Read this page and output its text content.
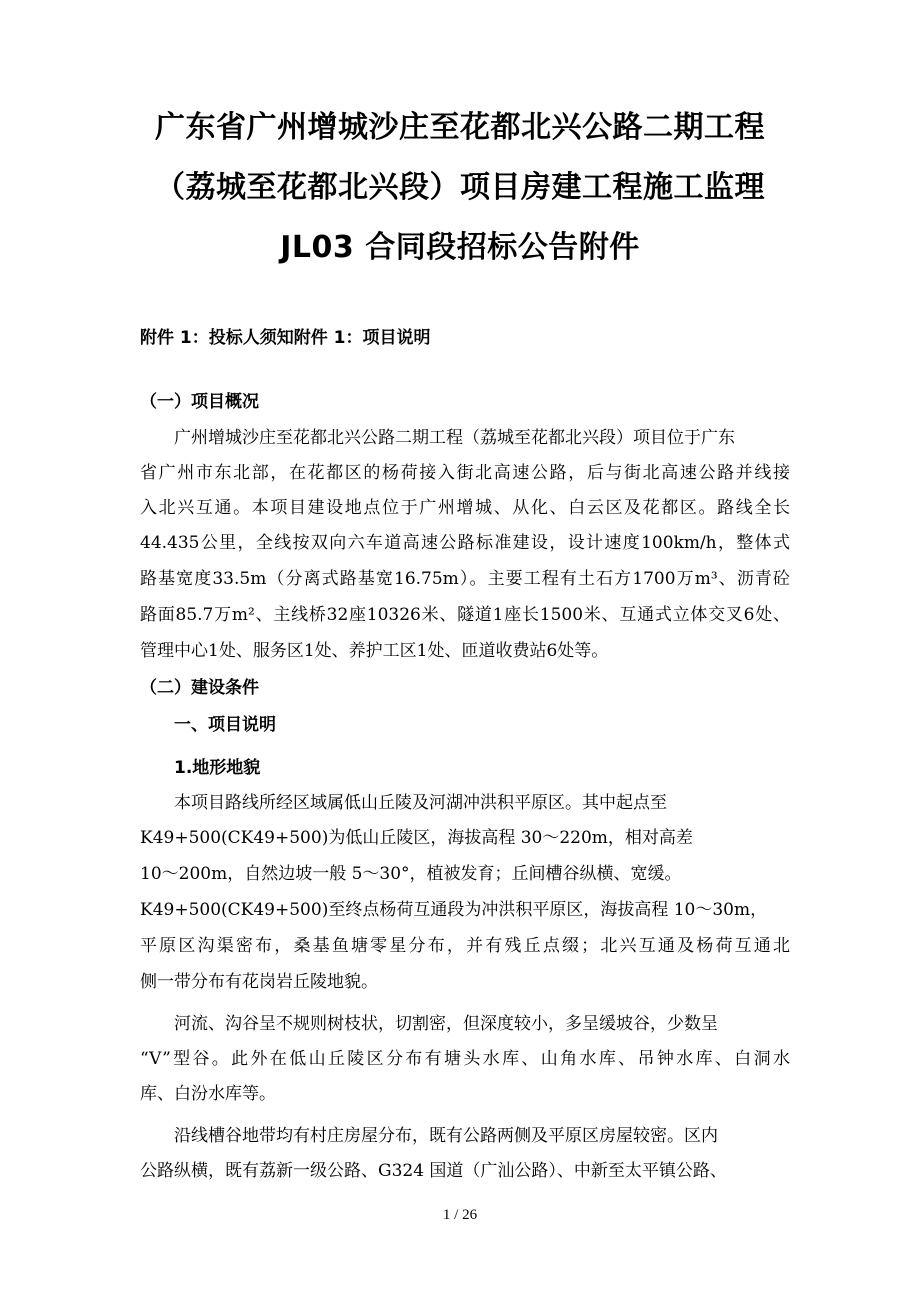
广东省广州增城沙庄至花都北兴公路二期工程
（荔城至花都北兴段）项目房建工程施工监理
JL03 合同段招标公告附件
附件 1：投标人须知附件 1：项目说明
（一）项目概况
广州增城沙庄至花都北兴公路二期工程（荔城至花都北兴段）项目位于广东
省广州市东北部，在花都区的杨荷接入街北高速公路，后与街北高速公路并线接
入北兴互通。本项目建设地点位于广州增城、从化、白云区及花都区。路线全长
44.435公里，全线按双向六车道高速公路标准建设，设计速度100km/h，整体式
路基宽度33.5m（分离式路基宽16.75m）。主要工程有土石方1700万m³、沥青砼
路面85.7万m²、主线桥32座10326米、隧道1座长1500米、互通式立体交叉6处、
管理中心1处、服务区1处、养护工区1处、匝道收费站6处等。
（二）建设条件
一、项目说明
1.地形地貌
本项目路线所经区域属低山丘陵及河湖冲洪积平原区。其中起点至
K49+500(CK49+500)为低山丘陵区，海拔高程 30～220m，相对高差
10～200m，自然边坡一般 5～30°，植被发育；丘间槽谷纵横、宽缓。
K49+500(CK49+500)至终点杨荷互通段为冲洪积平原区，海拔高程 10～30m，
平原区沟渠密布，桑基鱼塘零星分布，并有残丘点缀；北兴互通及杨荷互通北
侧一带分布有花岗岩丘陵地貌。
河流、沟谷呈不规则树枝状，切割密，但深度较小，多呈缓坡谷，少数呈
“V”型谷。此外在低山丘陵区分布有塘头水库、山角水库、吊钟水库、白洞水
库、白汾水库等。
沿线槽谷地带均有村庄房屋分布，既有公路两侧及平原区房屋较密。区内
公路纵横，既有荔新一级公路、G324 国道（广汕公路）、中新至太平镇公路、
1 / 26
